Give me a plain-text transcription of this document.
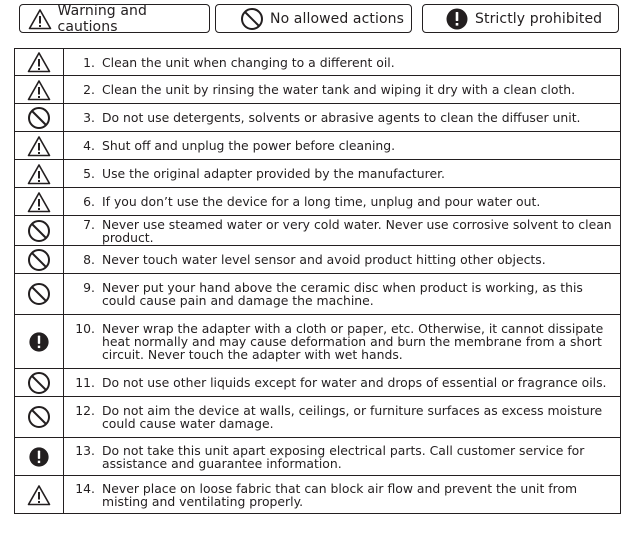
Warning and cautions	No allowed actions	Strictly prohibited

1. Clean the unit when changing to a different oil.

2. Clean the unit by rinsing the water tank and wiping it dry with a clean cloth.

3. Do not use detergents, solvents or abrasive agents to clean the diffuser unit.

4. Shut off and unplug the power before cleaning.

5. Use the original adapter provided by the manufacturer.

6. If you don’t use the device for a long time, unplug and pour water out.

7. Never use steamed water or very cold water. Never use corrosive solvent to clean product.

8. Never touch water level sensor and avoid product hitting other objects.

9. Never put your hand above the ceramic disc when product is working, as this could cause pain and damage the machine.

10. Never wrap the adapter with a cloth or paper, etc. Otherwise, it cannot dissipate heat normally and may cause deformation and burn the membrane from a short circuit. Never touch the adapter with wet hands.

11. Do not use other liquids except for water and drops of essential or fragrance oils.

12. Do not aim the device at walls, ceilings, or furniture surfaces as excess moisture could cause water damage.

13. Do not take this unit apart exposing electrical parts. Call customer service for assistance and guarantee information.

14. Never place on loose fabric that can block air flow and prevent the unit from misting and ventilating properly.
